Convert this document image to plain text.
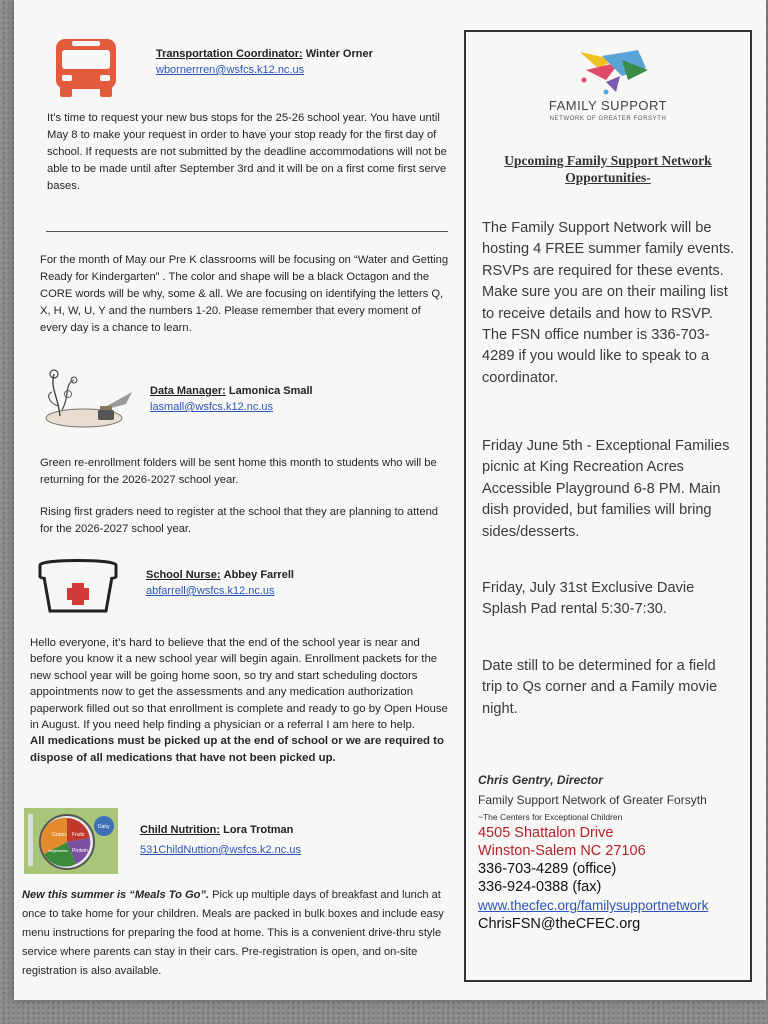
Transportation Coordinator: Winter Orner
wbornerrren@wsfcs.k12.nc.us
It’s time to request your new bus stops for the 25-26 school year. You have until May 8 to make your request in order to have your stop ready for the first day of school. If requests are not submitted by the deadline accommodations will not be able to be made until after September 3rd and it will be on a first come first serve bases.
For the month of May our Pre K classrooms will be focusing on “Water and Getting Ready for Kindergarten” . The color and shape will be a black Octagon and the CORE words will be why, some & all. We are focusing on identifying the letters Q, X, H, W, U, Y and the numbers 1-20. Please remember that every moment of every day is a chance to learn.
Data Manager: Lamonica Small
lasmall@wsfcs.k12.nc.us
Green re-enrollment folders will be sent home this month to students who will be returning for the 2026-2027 school year.
Rising first graders need to register at the school that they are planning to attend for the 2026-2027 school year.
School Nurse: Abbey Farrell
abfarrell@wsfcs.k12.nc.us
Hello everyone, it’s hard to believe that the end of the school year is near and before you know it a new school year will begin again. Enrollment packets for the new school year will be going home soon, so try and start scheduling doctors appointments now to get the assessments and any medication authorization paperwork filled out so that enrollment is complete and ready to go by Open House in August. If you need help finding a physician or a referral I am here to help.
All medications must be picked up at the end of school or we are required to dispose of all medications that have not been picked up.
Grains Fruits
Vegetables Protein
Dairy	Child Nutrition: Lora Trotman
531ChildNuttion@wsfcs.k2.nc.us
New this summer is “Meals To Go”. Pick up multiple days of breakfast and lunch at once to take home for your children. Meals are packed in bulk boxes and include easy menu instructions for preparing the food at home. This is a convenient drive-thru style service where parents can stay in their cars. Pre-registration is open, and on-site registration is also available.
FAMILY SUPPORT
NETWORK OF GREATER FORSYTH
Upcoming Family Support Network Opportunities-
The Family Support Network will be hosting 4 FREE summer family events. RSVPs are required for these events. Make sure you are on their mailing list to receive details and how to RSVP. The FSN office number is 336-703-4289 if you would like to speak to a coordinator.
Friday June 5th - Exceptional Families picnic at King Recreation Acres Accessible Playground 6-8 PM. Main dish provided, but families will bring sides/desserts.
Friday, July 31st Exclusive Davie Splash Pad rental 5:30-7:30.
Date still to be determined for a field trip to Qs corner and a Family movie night.
Chris Gentry, Director
Family Support Network of Greater Forsyth
~The Centers for Exceptional Children
4505 Shattalon Drive
Winston-Salem NC 27106
336-703-4289 (office)
336-924-0388 (fax)
www.thecfec.org/familysupportnetwork
ChrisFSN@theCFEC.org
